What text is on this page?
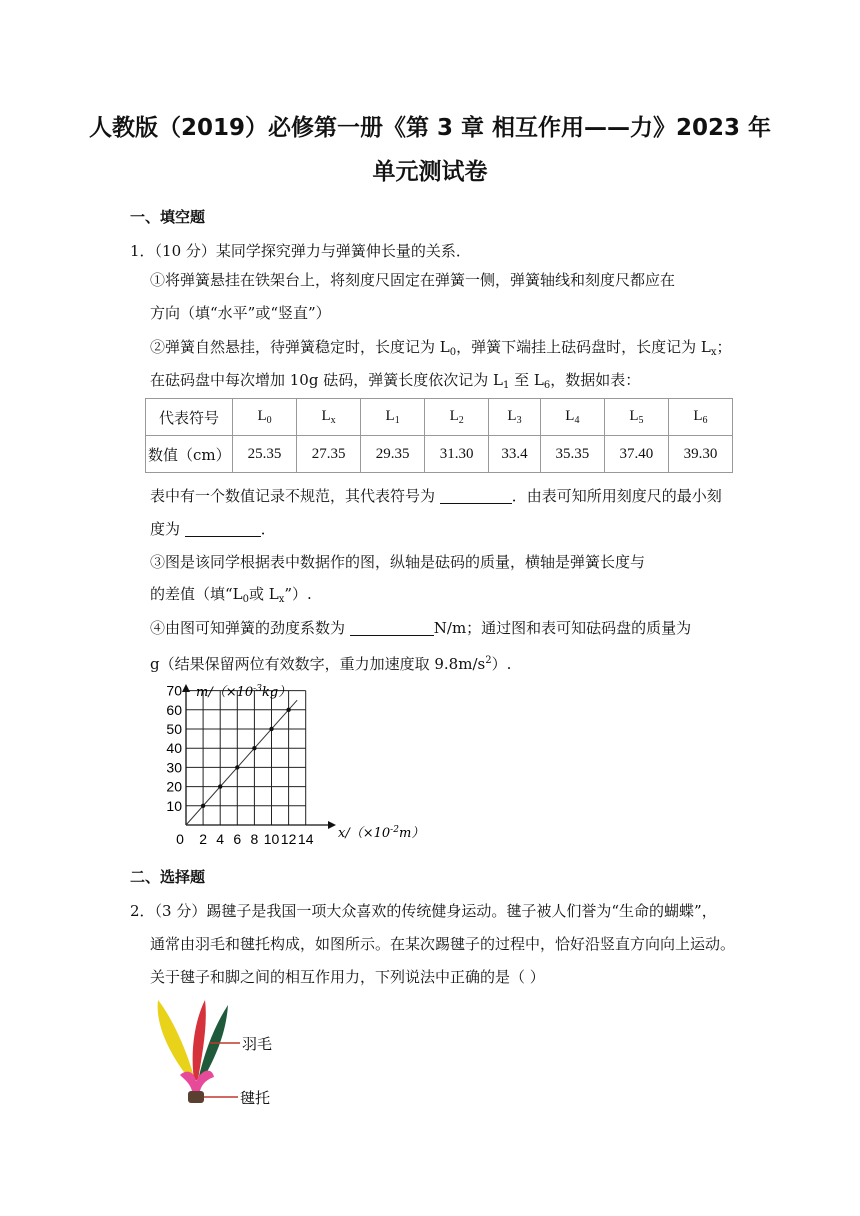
人教版（2019）必修第一册《第 3 章 相互作用——力》2023 年
单元测试卷
一、填空题
1．（10 分）某同学探究弹力与弹簧伸长量的关系．
①将弹簧悬挂在铁架台上，将刻度尺固定在弹簧一侧，弹簧轴线和刻度尺都应在
方向（填“水平”或“竖直”）
②弹簧自然悬挂，待弹簧稳定时，长度记为 $L_0$，弹簧下端挂上砝码盘时，长度记为 $L_x$；
在砝码盘中每次增加 10g 砝码，弹簧长度依次记为 $L_1$ 至 $L_6$，数据如表：
代表符号	$L_0$	$L_x$	$L_1$	$L_2$	$L_3$	$L_4$	$L_5$	$L_6$
数值（cm）	25.35	27.35	29.35	31.30	33.4	35.35	37.40	39.30
表中有一个数值记录不规范，其代表符号为	．由表可知所用刻度尺的最小刻
度为	．
③图是该同学根据表中数据作的图，纵轴是砝码的质量，横轴是弹簧长度与
的差值（填“$L_0$或 $L_x$”）.
④由图可知弹簧的劲度系数为	N/m；通过图和表可知砝码盘的质量为
g（结果保留两位有效数字，重力加速度取 $9.8m/s^2$）.
10
20
30
40
50
60
70
2 4 6 8 10 12 14
0
$m/(\times 10^{-3}kg)$
$x/(\times 10^{-2}m)$
二、选择题
2．（3 分）踢毽子是我国一项大众喜欢的传统健身运动。毽子被人们誉为“生命的蝴蝶”，
通常由羽毛和毽托构成，如图所示。在某次踢毽子的过程中，恰好沿竖直方向向上运动。
关于毽子和脚之间的相互作用力，下列说法中正确的是（ ）
羽毛
毽托
